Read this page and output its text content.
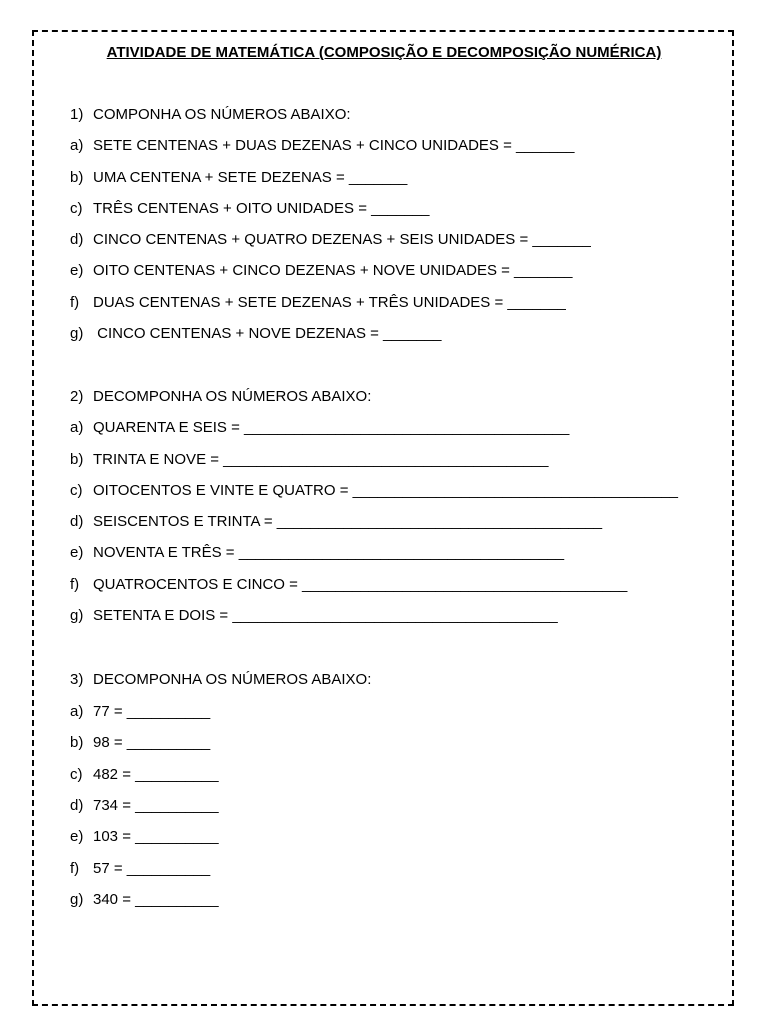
ATIVIDADE DE MATEMÁTICA (COMPOSIÇÃO E DECOMPOSIÇÃO NUMÉRICA)
1) COMPONHA OS NÚMEROS ABAIXO:
a) SETE CENTENAS + DUAS DEZENAS + CINCO UNIDADES = _______
b) UMA CENTENA + SETE DEZENAS = _______
c) TRÊS CENTENAS + OITO UNIDADES = _______
d) CINCO CENTENAS + QUATRO DEZENAS + SEIS UNIDADES = _______
e) OITO CENTENAS + CINCO DEZENAS + NOVE UNIDADES = _______
f) DUAS CENTENAS + SETE DEZENAS + TRÊS UNIDADES = _______
g) CINCO CENTENAS + NOVE DEZENAS = _______
2) DECOMPONHA OS NÚMEROS ABAIXO:
a) QUARENTA E SEIS = _______________________________________
b) TRINTA E NOVE = _______________________________________
c) OITOCENTOS E VINTE E QUATRO = _______________________________________
d) SEISCENTOS E TRINTA = _______________________________________
e) NOVENTA E TRÊS = _______________________________________
f) QUATROCENTOS E CINCO = _______________________________________
g) SETENTA E DOIS = _______________________________________
3) DECOMPONHA OS NÚMEROS ABAIXO:
a) 77 = __________
b) 98 = __________
c) 482 = __________
d) 734 = __________
e) 103 = __________
f) 57 = __________
g) 340 = __________
